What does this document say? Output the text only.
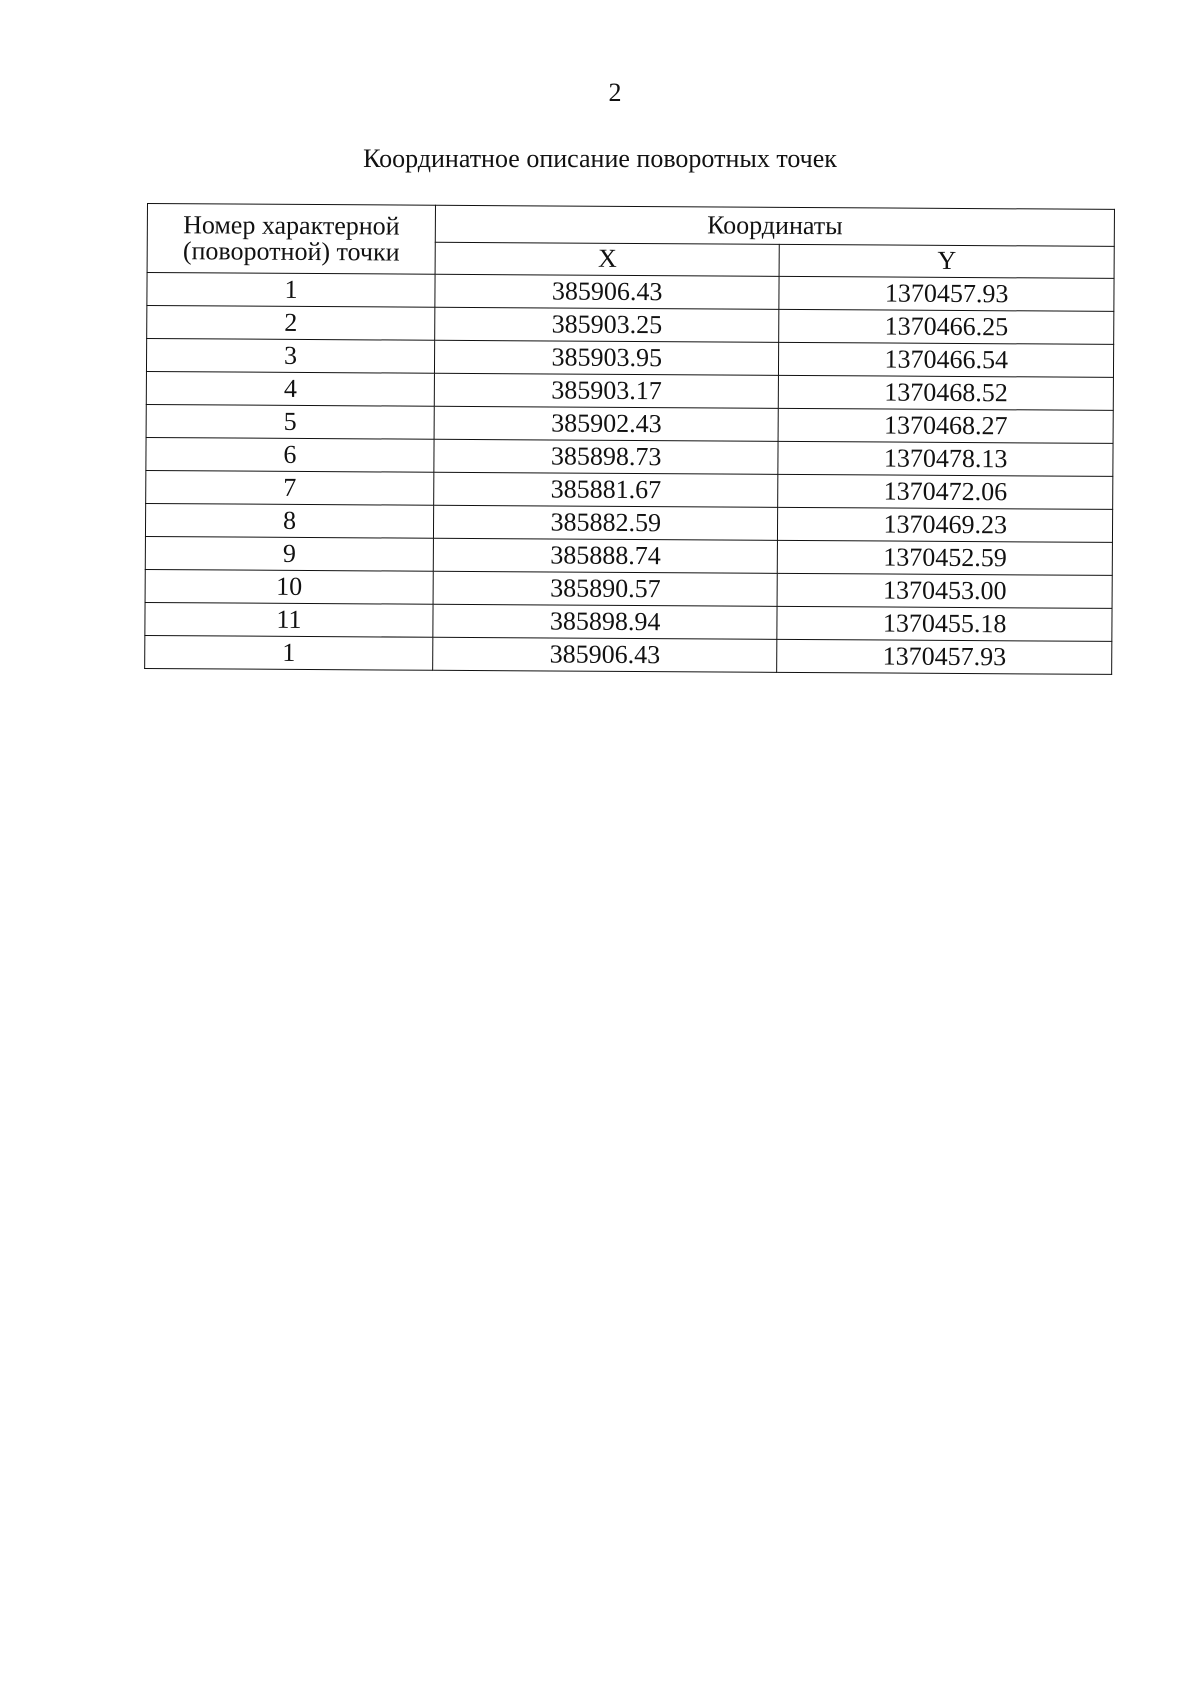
2
Координатное описание поворотных точек
Номер характерной
(поворотной) точки	Координаты	
	X	Y
1	385906.43	1370457.93
2	385903.25	1370466.25
3	385903.95	1370466.54
4	385903.17	1370468.52
5	385902.43	1370468.27
6	385898.73	1370478.13
7	385881.67	1370472.06
8	385882.59	1370469.23
9	385888.74	1370452.59
10	385890.57	1370453.00
11	385898.94	1370455.18
1	385906.43	1370457.93
